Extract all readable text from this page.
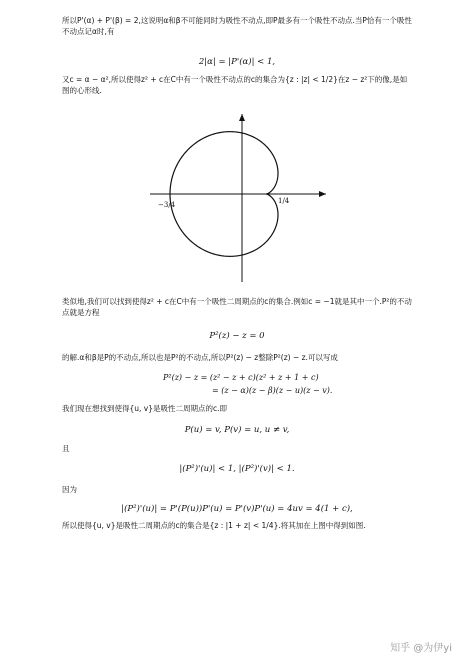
所以P'(α) + P'(β) = 2,这说明α和β不可能同时为吸性不动点,即P最多有一个吸性不动点.当P恰有一个吸性不动点记α时,有

2|α| = |P'(α)| < 1,

又c = α − α²,所以使得z² + c在C中有一个吸性不动点的c的集合为{z : |z| < 1/2}在z − z²下的像,是如图的心形线.

−3/4	1/4

类似地,我们可以找到使得z² + c在C中有一个吸性二周期点的c的集合.例如c = −1就是其中一个.P²的不动点就是方程

P²(z) − z = 0

的解.α和β是P的不动点,所以也是P²的不动点,所以P²(z) − z整除P²(z) − z.可以写成

P²(z) − z = (z² − z + c)(z² + z + 1 + c)

= (z − α)(z − β)(z − u)(z − v).

我们现在想找到使得{u, v}是吸性二周期点的c.即

P(u) = v, P(v) = u, u ≠ v,

且

|(P²)'(u)| < 1, |(P²)'(v)| < 1.

因为

|(P²)'(u)| = P'(P(u))P'(u) = P'(v)P'(u) = 4uv = 4(1 + c),

所以使得{u, v}是吸性二周期点的c的集合是{z : |1 + z| < 1/4}.将其加在上图中得到如图.

知乎 @为伊yi
